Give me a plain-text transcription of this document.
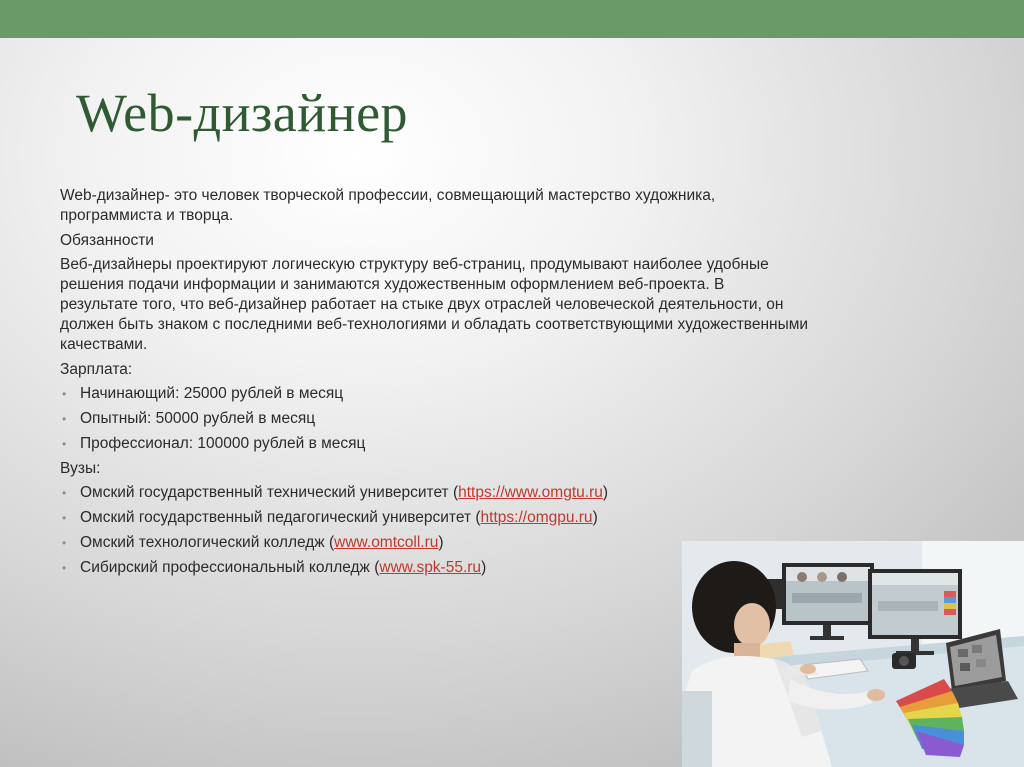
Web-дизайнер
Web-дизайнер- это человек творческой профессии, совмещающий мастерство художника,
программиста и творца.
Обязанности
Веб-дизайнеры проектируют логическую структуру веб-страниц, продумывают наиболее удобные
решения подачи информации и занимаются художественным оформлением веб-проекта. В
результате того, что веб-дизайнер работает на стыке двух отраслей человеческой деятельности, он
должен быть знаком с последними веб-технологиями и обладать соответствующими художественными
качествами.
Зарплата:
• Начинающий: 25000 рублей в месяц
• Опытный: 50000 рублей в месяц
• Профессионал: 100000 рублей в месяц
Вузы:
• Омский государственный технический университет (https://www.omgtu.ru)
• Омский государственный педагогический университет (https://omgpu.ru)
• Омский технологический колледж (www.omtcoll.ru)
• Сибирский профессиональный колледж (www.spk-55.ru)
